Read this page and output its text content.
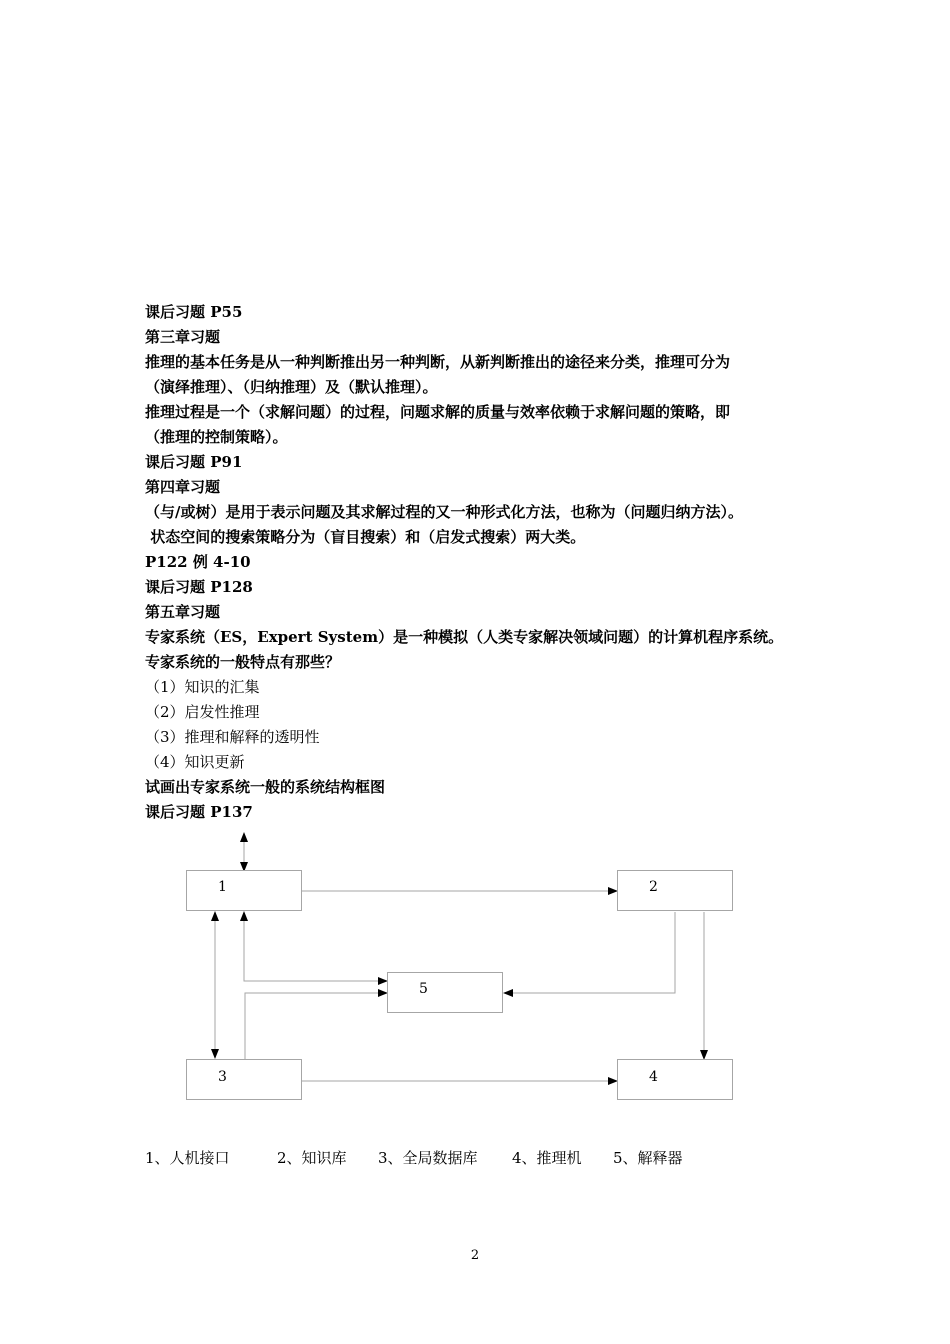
课后习题 P55
第三章习题
推理的基本任务是从一种判断推出另一种判断，从新判断推出的途径来分类，推理可分为
（演绎推理）、（归纳推理）及（默认推理）。
推理过程是一个（求解问题）的过程，问题求解的质量与效率依赖于求解问题的策略，即
（推理的控制策略）。
课后习题 P91
第四章习题
（与/或树）是用于表示问题及其求解过程的又一种形式化方法，也称为（问题归纳方法）。
状态空间的搜索策略分为（盲目搜索）和（启发式搜索）两大类。
P122 例 4-10
课后习题 P128
第五章习题
专家系统（ES，Expert System）是一种模拟（人类专家解决领域问题）的计算机程序系统。
专家系统的一般特点有那些？
（1）知识的汇集
（2）启发性推理
（3）推理和解释的透明性
（4）知识更新
试画出专家系统一般的系统结构框图
课后习题 P137
1	2
5
3	4
1、人机接口	2、知识库 3、全局数据库 4、推理机 5、解释器
2
